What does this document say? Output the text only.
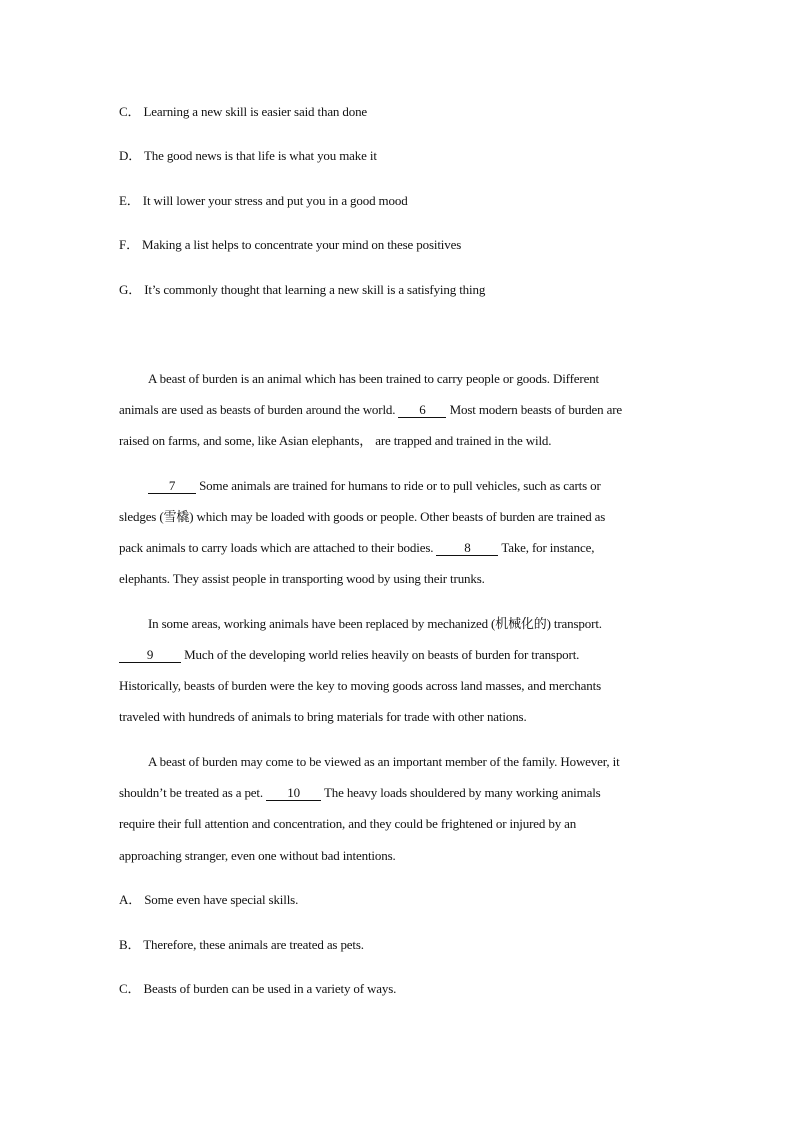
C． Learning a new skill is easier said than done
D． The good news is that life is what you make it
E． It will lower your stress and put you in a good mood
F． Making a list helps to concentrate your mind on these positives
G． It’s commonly thought that learning a new skill is a satisfying thing
A beast of burden is an animal which has been trained to carry people or goods. Different
animals are used as beasts of burden around the world. 6 Most modern beasts of burden are
raised on farms, and some, like Asian elephants， are trapped and trained in the wild.
7 Some animals are trained for humans to ride or to pull vehicles, such as carts or
sledges (雪橇) which may be loaded with goods or people. Other beasts of burden are trained as
pack animals to carry loads which are attached to their bodies. 8 Take, for instance,
elephants. They assist people in transporting wood by using their trunks.
In some areas, working animals have been replaced by mechanized (机械化的) transport.
9 Much of the developing world relies heavily on beasts of burden for transport.
Historically, beasts of burden were the key to moving goods across land masses, and merchants
traveled with hundreds of animals to bring materials for trade with other nations.
A beast of burden may come to be viewed as an important member of the family. However, it
shouldn’t be treated as a pet. 10 The heavy loads shouldered by many working animals
require their full attention and concentration, and they could be frightened or injured by an
approaching stranger, even one without bad intentions.
A． Some even have special skills.
B． Therefore, these animals are treated as pets.
C． Beasts of burden can be used in a variety of ways.
